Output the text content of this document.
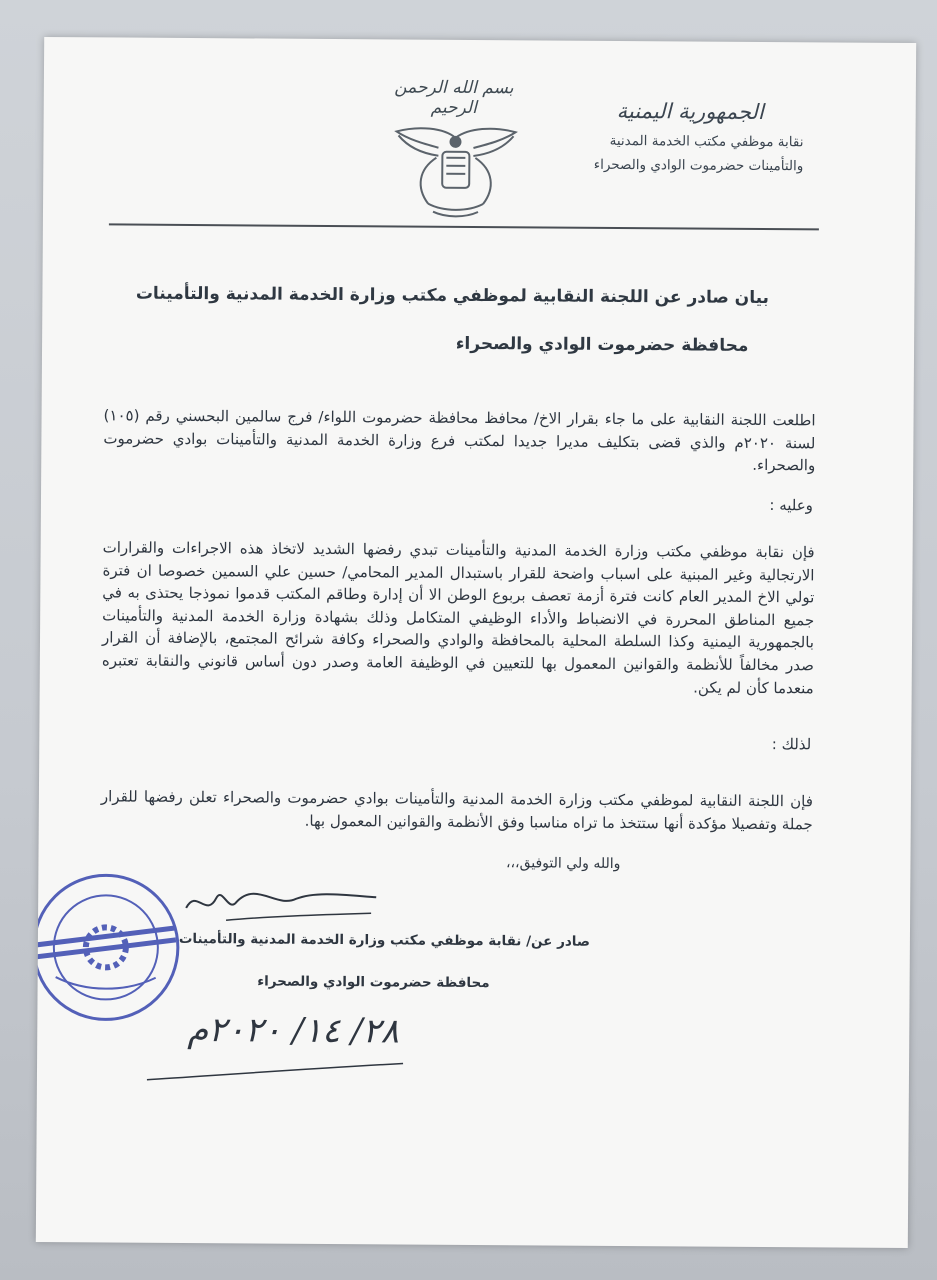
بسم الله الرحمن الرحيم	الجمهورية اليمنية
نقابة موظفي مكتب الخدمة المدنية
والتأمينات حضرموت الوادي والصحراء
بيان صادر عن اللجنة النقابية لموظفي مكتب وزارة الخدمة المدنية والتأمينات
محافظة حضرموت الوادي والصحراء
اطلعت اللجنة النقابية على ما جاء بقرار الاخ/ محافظ محافظة حضرموت اللواء/ فرج سالمين البحسني رقم (١٠٥) لسنة ٢٠٢٠م والذي قضى بتكليف مديرا جديدا لمكتب فرع وزارة الخدمة المدنية والتأمينات بوادي حضرموت والصحراء.
وعليه :
فإن نقابة موظفي مكتب وزارة الخدمة المدنية والتأمينات تبدي رفضها الشديد لاتخاذ هذه الاجراءات والقرارات الارتجالية وغير المبنية على اسباب واضحة للقرار باستبدال المدير المحامي/ حسين علي السمين خصوصا ان فترة تولي الاخ المدير العام كانت فترة أزمة تعصف بربوع الوطن الا أن إدارة وطاقم المكتب قدموا نموذجا يحتذى به في جميع المناطق المحررة في الانضباط والأداء الوظيفي المتكامل وذلك بشهادة وزارة الخدمة المدنية والتأمينات بالجمهورية اليمنية وكذا السلطة المحلية بالمحافظة والوادي والصحراء وكافة شرائح المجتمع، بالإضافة أن القرار صدر مخالفاً للأنظمة والقوانين المعمول بها للتعيين في الوظيفة العامة وصدر دون أساس قانوني والنقابة تعتبره منعدما كأن لم يكن.
لذلك :
فإن اللجنة النقابية لموظفي مكتب وزارة الخدمة المدنية والتأمينات بوادي حضرموت والصحراء تعلن رفضها للقرار جملة وتفصيلا مؤكدة أنها ستتخذ ما تراه مناسبا وفق الأنظمة والقوانين المعمول بها.
والله ولي التوفيق،،،
صادر عن/ نقابة موظفي مكتب وزارة الخدمة المدنية والتأمينات
محافظة حضرموت الوادي والصحراء
٢٨/ ١٤/ ٢٠٢٠م
